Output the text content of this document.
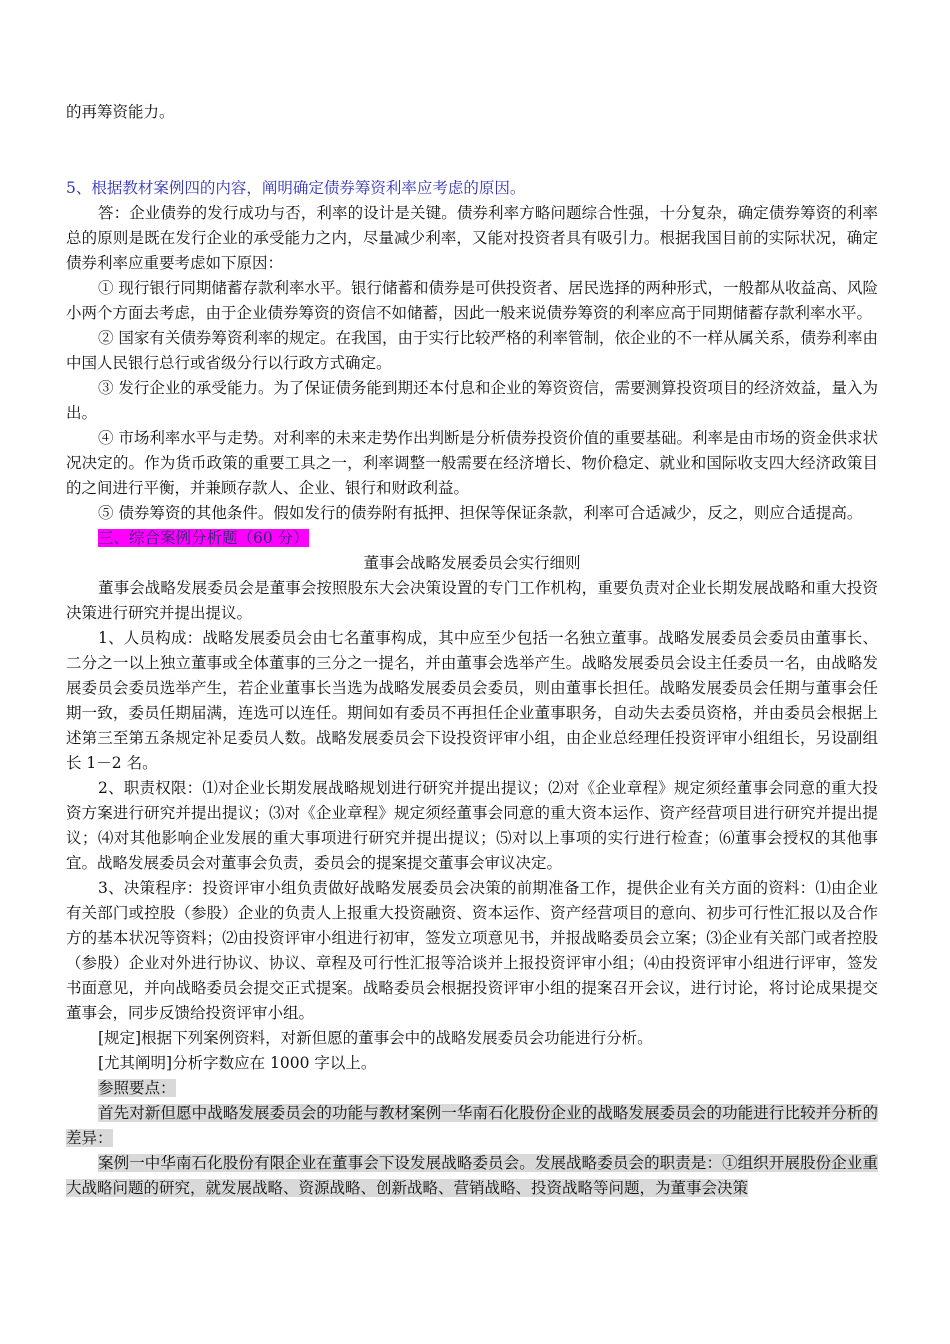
的再筹资能力。
5、根据教材案例四的内容，阐明确定债券筹资利率应考虑的原因。

答：企业债券的发行成功与否，利率的设计是关键。债券利率方略问题综合性强，十分复杂，确定债券筹资的利率总的原则是既在发行企业的承受能力之内，尽量减少利率，又能对投资者具有吸引力。根据我国目前的实际状况，确定债券利率应重要考虑如下原因：

① 现行银行同期储蓄存款利率水平。银行储蓄和债券是可供投资者、居民选择的两种形式，一般都从收益高、风险小两个方面去考虑，由于企业债券筹资的资信不如储蓄，因此一般来说债券筹资的利率应高于同期储蓄存款利率水平。

② 国家有关债券筹资利率的规定。在我国，由于实行比较严格的利率管制，依企业的不一样从属关系，债券利率由中国人民银行总行或省级分行以行政方式确定。

③ 发行企业的承受能力。为了保证债务能到期还本付息和企业的筹资资信，需要测算投资项目的经济效益，量入为出。

④ 市场利率水平与走势。对利率的未来走势作出判断是分析债券投资价值的重要基础。利率是由市场的资金供求状况决定的。作为货币政策的重要工具之一，利率调整一般需要在经济增长、物价稳定、就业和国际收支四大经济政策目的之间进行平衡，并兼顾存款人、企业、银行和财政利益。

⑤ 债券筹资的其他条件。假如发行的债券附有抵押、担保等保证条款，利率可合适减少，反之，则应合适提高。

三、综合案例分析题（60 分）

董事会战略发展委员会实行细则

董事会战略发展委员会是董事会按照股东大会决策设置的专门工作机构，重要负责对企业长期发展战略和重大投资决策进行研究并提出提议。

1、人员构成：战略发展委员会由七名董事构成，其中应至少包括一名独立董事。战略发展委员会委员由董事长、二分之一以上独立董事或全体董事的三分之一提名，并由董事会选举产生。战略发展委员会设主任委员一名，由战略发展委员会委员选举产生，若企业董事长当选为战略发展委员会委员，则由董事长担任。战略发展委员会任期与董事会任期一致，委员任期届满，连选可以连任。期间如有委员不再担任企业董事职务，自动失去委员资格，并由委员会根据上述第三至第五条规定补足委员人数。战略发展委员会下设投资评审小组，由企业总经理任投资评审小组组长，另设副组长 1－2 名。

2、职责权限：⑴对企业长期发展战略规划进行研究并提出提议；⑵对《企业章程》规定须经董事会同意的重大投资方案进行研究并提出提议；⑶对《企业章程》规定须经董事会同意的重大资本运作、资产经营项目进行研究并提出提议；⑷对其他影响企业发展的重大事项进行研究并提出提议；⑸对以上事项的实行进行检查；⑹董事会授权的其他事宜。战略发展委员会对董事会负责，委员会的提案提交董事会审议决定。

3、决策程序：投资评审小组负责做好战略发展委员会决策的前期准备工作，提供企业有关方面的资料：⑴由企业有关部门或控股（参股）企业的负责人上报重大投资融资、资本运作、资产经营项目的意向、初步可行性汇报以及合作方的基本状况等资料；⑵由投资评审小组进行初审，签发立项意见书，并报战略委员会立案；⑶企业有关部门或者控股（参股）企业对外进行协议、协议、章程及可行性汇报等洽谈并上报投资评审小组；⑷由投资评审小组进行评审，签发书面意见，并向战略委员会提交正式提案。战略委员会根据投资评审小组的提案召开会议，进行讨论，将讨论成果提交董事会，同步反馈给投资评审小组。

[规定]根据下列案例资料，对新但愿的董事会中的战略发展委员会功能进行分析。

[尤其阐明]分析字数应在 1000 字以上。

参照要点：

首先对新但愿中战略发展委员会的功能与教材案例一华南石化股份企业的战略发展委员会的功能进行比较并分析的差异：

案例一中华南石化股份有限企业在董事会下设发展战略委员会。发展战略委员会的职责是：①组织开展股份企业重大战略问题的研究，就发展战略、资源战略、创新战略、营销战略、投资战略等问题，为董事会决策
